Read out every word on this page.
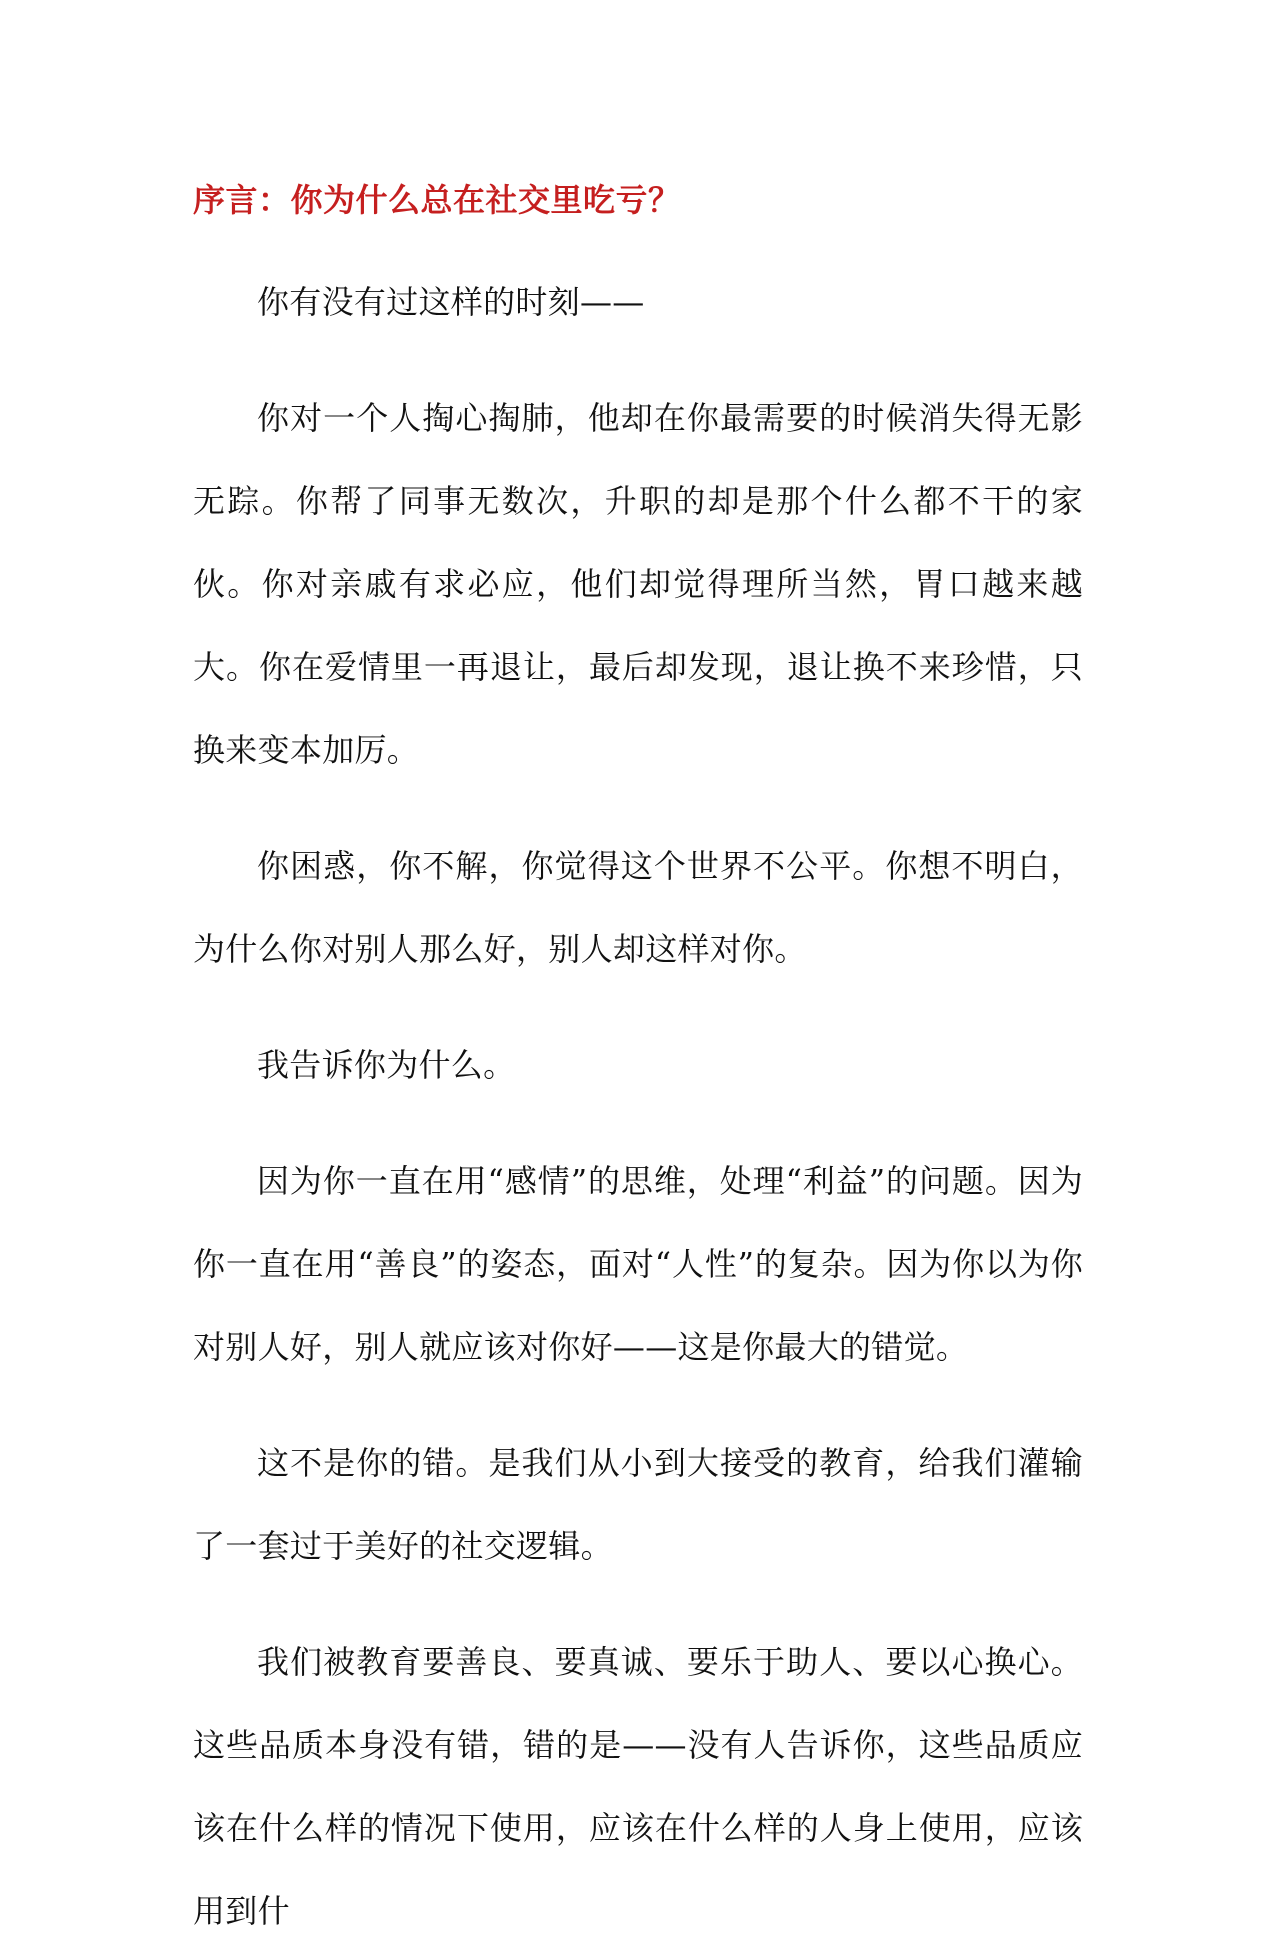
序言：你为什么总在社交里吃亏？

你有没有过这样的时刻——

你对一个人掏心掏肺，他却在你最需要的时候消失得无影无踪。你帮了同事无数次，升职的却是那个什么都不干的家伙。你对亲戚有求必应，他们却觉得理所当然，胃口越来越大。你在爱情里一再退让，最后却发现，退让换不来珍惜，只换来变本加厉。

你困惑，你不解，你觉得这个世界不公平。你想不明白，为什么你对别人那么好，别人却这样对你。

我告诉你为什么。

因为你一直在用“感情”的思维，处理“利益”的问题。因为你一直在用“善良”的姿态，面对“人性”的复杂。因为你以为你对别人好，别人就应该对你好——这是你最大的错觉。

这不是你的错。是我们从小到大接受的教育，给我们灌输了一套过于美好的社交逻辑。

我们被教育要善良、要真诚、要乐于助人、要以心换心。这些品质本身没有错，错的是——没有人告诉你，这些品质应该在什么样的情况下使用，应该在什么样的人身上使用，应该用到什
